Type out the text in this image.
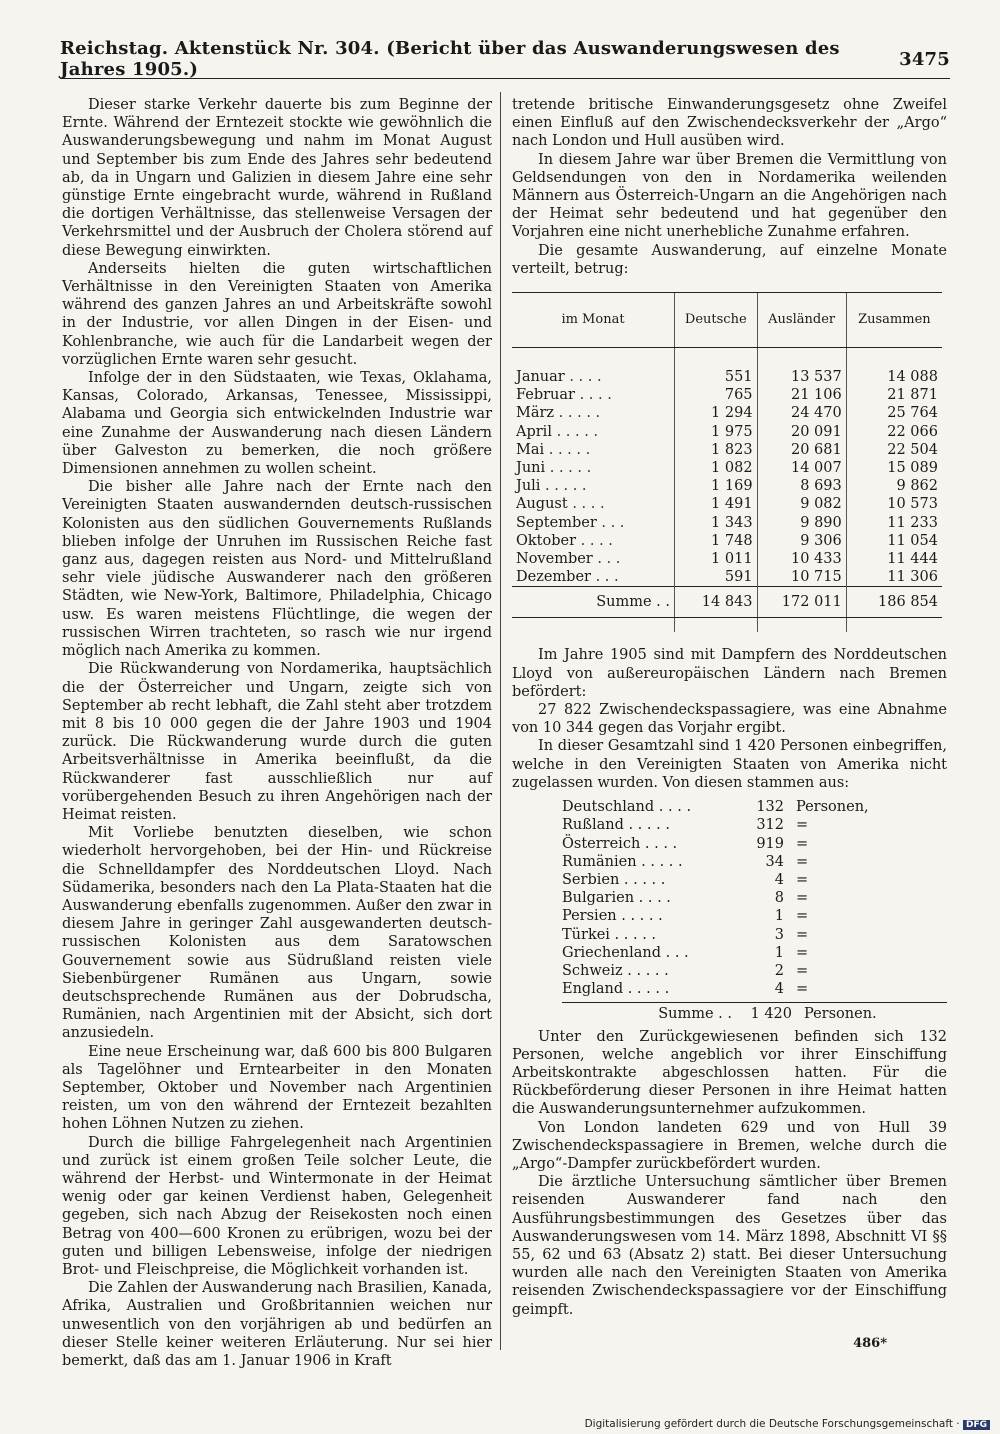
Reichstag. Aktenstück Nr. 304. (Bericht über das Auswanderungswesen des Jahres 1905.)	3475

Dieser starke Verkehr dauerte bis zum Beginne der Ernte. Während der Erntezeit stockte wie gewöhnlich die Auswanderungsbewegung und nahm im Monat August und September bis zum Ende des Jahres sehr bedeutend ab, da in Ungarn und Galizien in diesem Jahre eine sehr günstige Ernte eingebracht wurde, während in Rußland die dortigen Verhältnisse, das stellenweise Versagen der Verkehrsmittel und der Ausbruch der Cholera störend auf diese Bewegung einwirkten.

Anderseits hielten die guten wirtschaftlichen Verhältnisse in den Vereinigten Staaten von Amerika während des ganzen Jahres an und Arbeitskräfte sowohl in der Industrie, vor allen Dingen in der Eisen- und Kohlenbranche, wie auch für die Landarbeit wegen der vorzüglichen Ernte waren sehr gesucht.

Infolge der in den Südstaaten, wie Texas, Oklahama, Kansas, Colorado, Arkansas, Tenessee, Mississippi, Alabama und Georgia sich entwickelnden Industrie war eine Zunahme der Auswanderung nach diesen Ländern über Galveston zu bemerken, die noch größere Dimensionen annehmen zu wollen scheint.

Die bisher alle Jahre nach der Ernte nach den Vereinigten Staaten auswandernden deutsch-russischen Kolonisten aus den südlichen Gouvernements Rußlands blieben infolge der Unruhen im Russischen Reiche fast ganz aus, dagegen reisten aus Nord- und Mittelrußland sehr viele jüdische Auswanderer nach den größeren Städten, wie New-York, Baltimore, Philadelphia, Chicago usw. Es waren meistens Flüchtlinge, die wegen der russischen Wirren trachteten, so rasch wie nur irgend möglich nach Amerika zu kommen.

Die Rückwanderung von Nordamerika, hauptsächlich die der Österreicher und Ungarn, zeigte sich von September ab recht lebhaft, die Zahl steht aber trotzdem mit 8 bis 10 000 gegen die der Jahre 1903 und 1904 zurück. Die Rückwanderung wurde durch die guten Arbeitsverhältnisse in Amerika beeinflußt, da die Rückwanderer fast ausschließlich nur auf vorübergehenden Besuch zu ihren Angehörigen nach der Heimat reisten.

Mit Vorliebe benutzten dieselben, wie schon wiederholt hervorgehoben, bei der Hin- und Rückreise die Schnelldampfer des Norddeutschen Lloyd. Nach Südamerika, besonders nach den La Plata-Staaten hat die Auswanderung ebenfalls zugenommen. Außer den zwar in diesem Jahre in geringer Zahl ausgewanderten deutsch-russischen Kolonisten aus dem Saratowschen Gouvernement sowie aus Südrußland reisten viele Siebenbürgener Rumänen aus Ungarn, sowie deutschsprechende Rumänen aus der Dobrudscha, Rumänien, nach Argentinien mit der Absicht, sich dort anzusiedeln.

Eine neue Erscheinung war, daß 600 bis 800 Bulgaren als Tagelöhner und Erntearbeiter in den Monaten September, Oktober und November nach Argentinien reisten, um von den während der Erntezeit bezahlten hohen Löhnen Nutzen zu ziehen.

Durch die billige Fahrgelegenheit nach Argentinien und zurück ist einem großen Teile solcher Leute, die während der Herbst- und Wintermonate in der Heimat wenig oder gar keinen Verdienst haben, Gelegenheit gegeben, sich nach Abzug der Reisekosten noch einen Betrag von 400—600 Kronen zu erübrigen, wozu bei der guten und billigen Lebensweise, infolge der niedrigen Brot- und Fleischpreise, die Möglichkeit vorhanden ist.

Die Zahlen der Auswanderung nach Brasilien, Kanada, Afrika, Australien und Großbritannien weichen nur unwesentlich von den vorjährigen ab und bedürfen an dieser Stelle keiner weiteren Erläuterung. Nur sei hier bemerkt, daß das am 1. Januar 1906 in Kraft

tretende britische Einwanderungsgesetz ohne Zweifel einen Einfluß auf den Zwischendecksverkehr der „Argo“ nach London und Hull ausüben wird.

In diesem Jahre war über Bremen die Vermittlung von Geldsendungen von den in Nordamerika weilenden Männern aus Österreich-Ungarn an die Angehörigen nach der Heimat sehr bedeutend und hat gegenüber den Vorjahren eine nicht unerhebliche Zunahme erfahren.

Die gesamte Auswanderung, auf einzelne Monate verteilt, betrug:

im Monat	Deutsche	Ausländer	Zusammen

Januar . . . .	551	13 537	14 088
Februar . . . .	765	21 106	21 871
März . . . . .	1 294	24 470	25 764
April . . . . .	1 975	20 091	22 066
Mai . . . . .	1 823	20 681	22 504
Juni . . . . .	1 082	14 007	15 089
Juli . . . . .	1 169	8 693	9 862
August . . . .	1 491	9 082	10 573
September . . .	1 343	9 890	11 233
Oktober . . . .	1 748	9 306	11 054
November . . .	1 011	10 433	11 444
Dezember . . .	591	10 715	11 306
Summe . .	14 843	172 011	186 854

Im Jahre 1905 sind mit Dampfern des Norddeutschen Lloyd von außereuropäischen Ländern nach Bremen befördert:

27 822 Zwischendeckspassagiere, was eine Abnahme von 10 344 gegen das Vorjahr ergibt.

In dieser Gesamtzahl sind 1 420 Personen einbegriffen, welche in den Vereinigten Staaten von Amerika nicht zugelassen wurden. Von diesen stammen aus:

Deutschland . . . .	132 Personen,
Rußland . . . . .	312 =
Österreich . . . .	919 =
Rumänien . . . . .	34 =
Serbien . . . . .	4 =
Bulgarien . . . .	8 =
Persien . . . . .	1 =
Türkei . . . . .	3 =
Griechenland . . .	1 =
Schweiz . . . . .	2 =
England . . . . .	4 =
Summe . .	1 420 Personen.

Unter den Zurückgewiesenen befinden sich 132 Personen, welche angeblich vor ihrer Einschiffung Arbeitskontrakte abgeschlossen hatten. Für die Rückbeförderung dieser Personen in ihre Heimat hatten die Auswanderungsunternehmer aufzukommen.

Von London landeten 629 und von Hull 39 Zwischendeckspassagiere in Bremen, welche durch die „Argo“-Dampfer zurückbefördert wurden.

Die ärztliche Untersuchung sämtlicher über Bremen reisenden Auswanderer fand nach den Ausführungsbestimmungen des Gesetzes über das Auswanderungswesen vom 14. März 1898, Abschnitt VI §§ 55, 62 und 63 (Absatz 2) statt. Bei dieser Untersuchung wurden alle nach den Vereinigten Staaten von Amerika reisenden Zwischendeckspassagiere vor der Einschiffung geimpft.

486*
Digitalisierung gefördert durch die Deutsche Forschungsgemeinschaft · DFG
